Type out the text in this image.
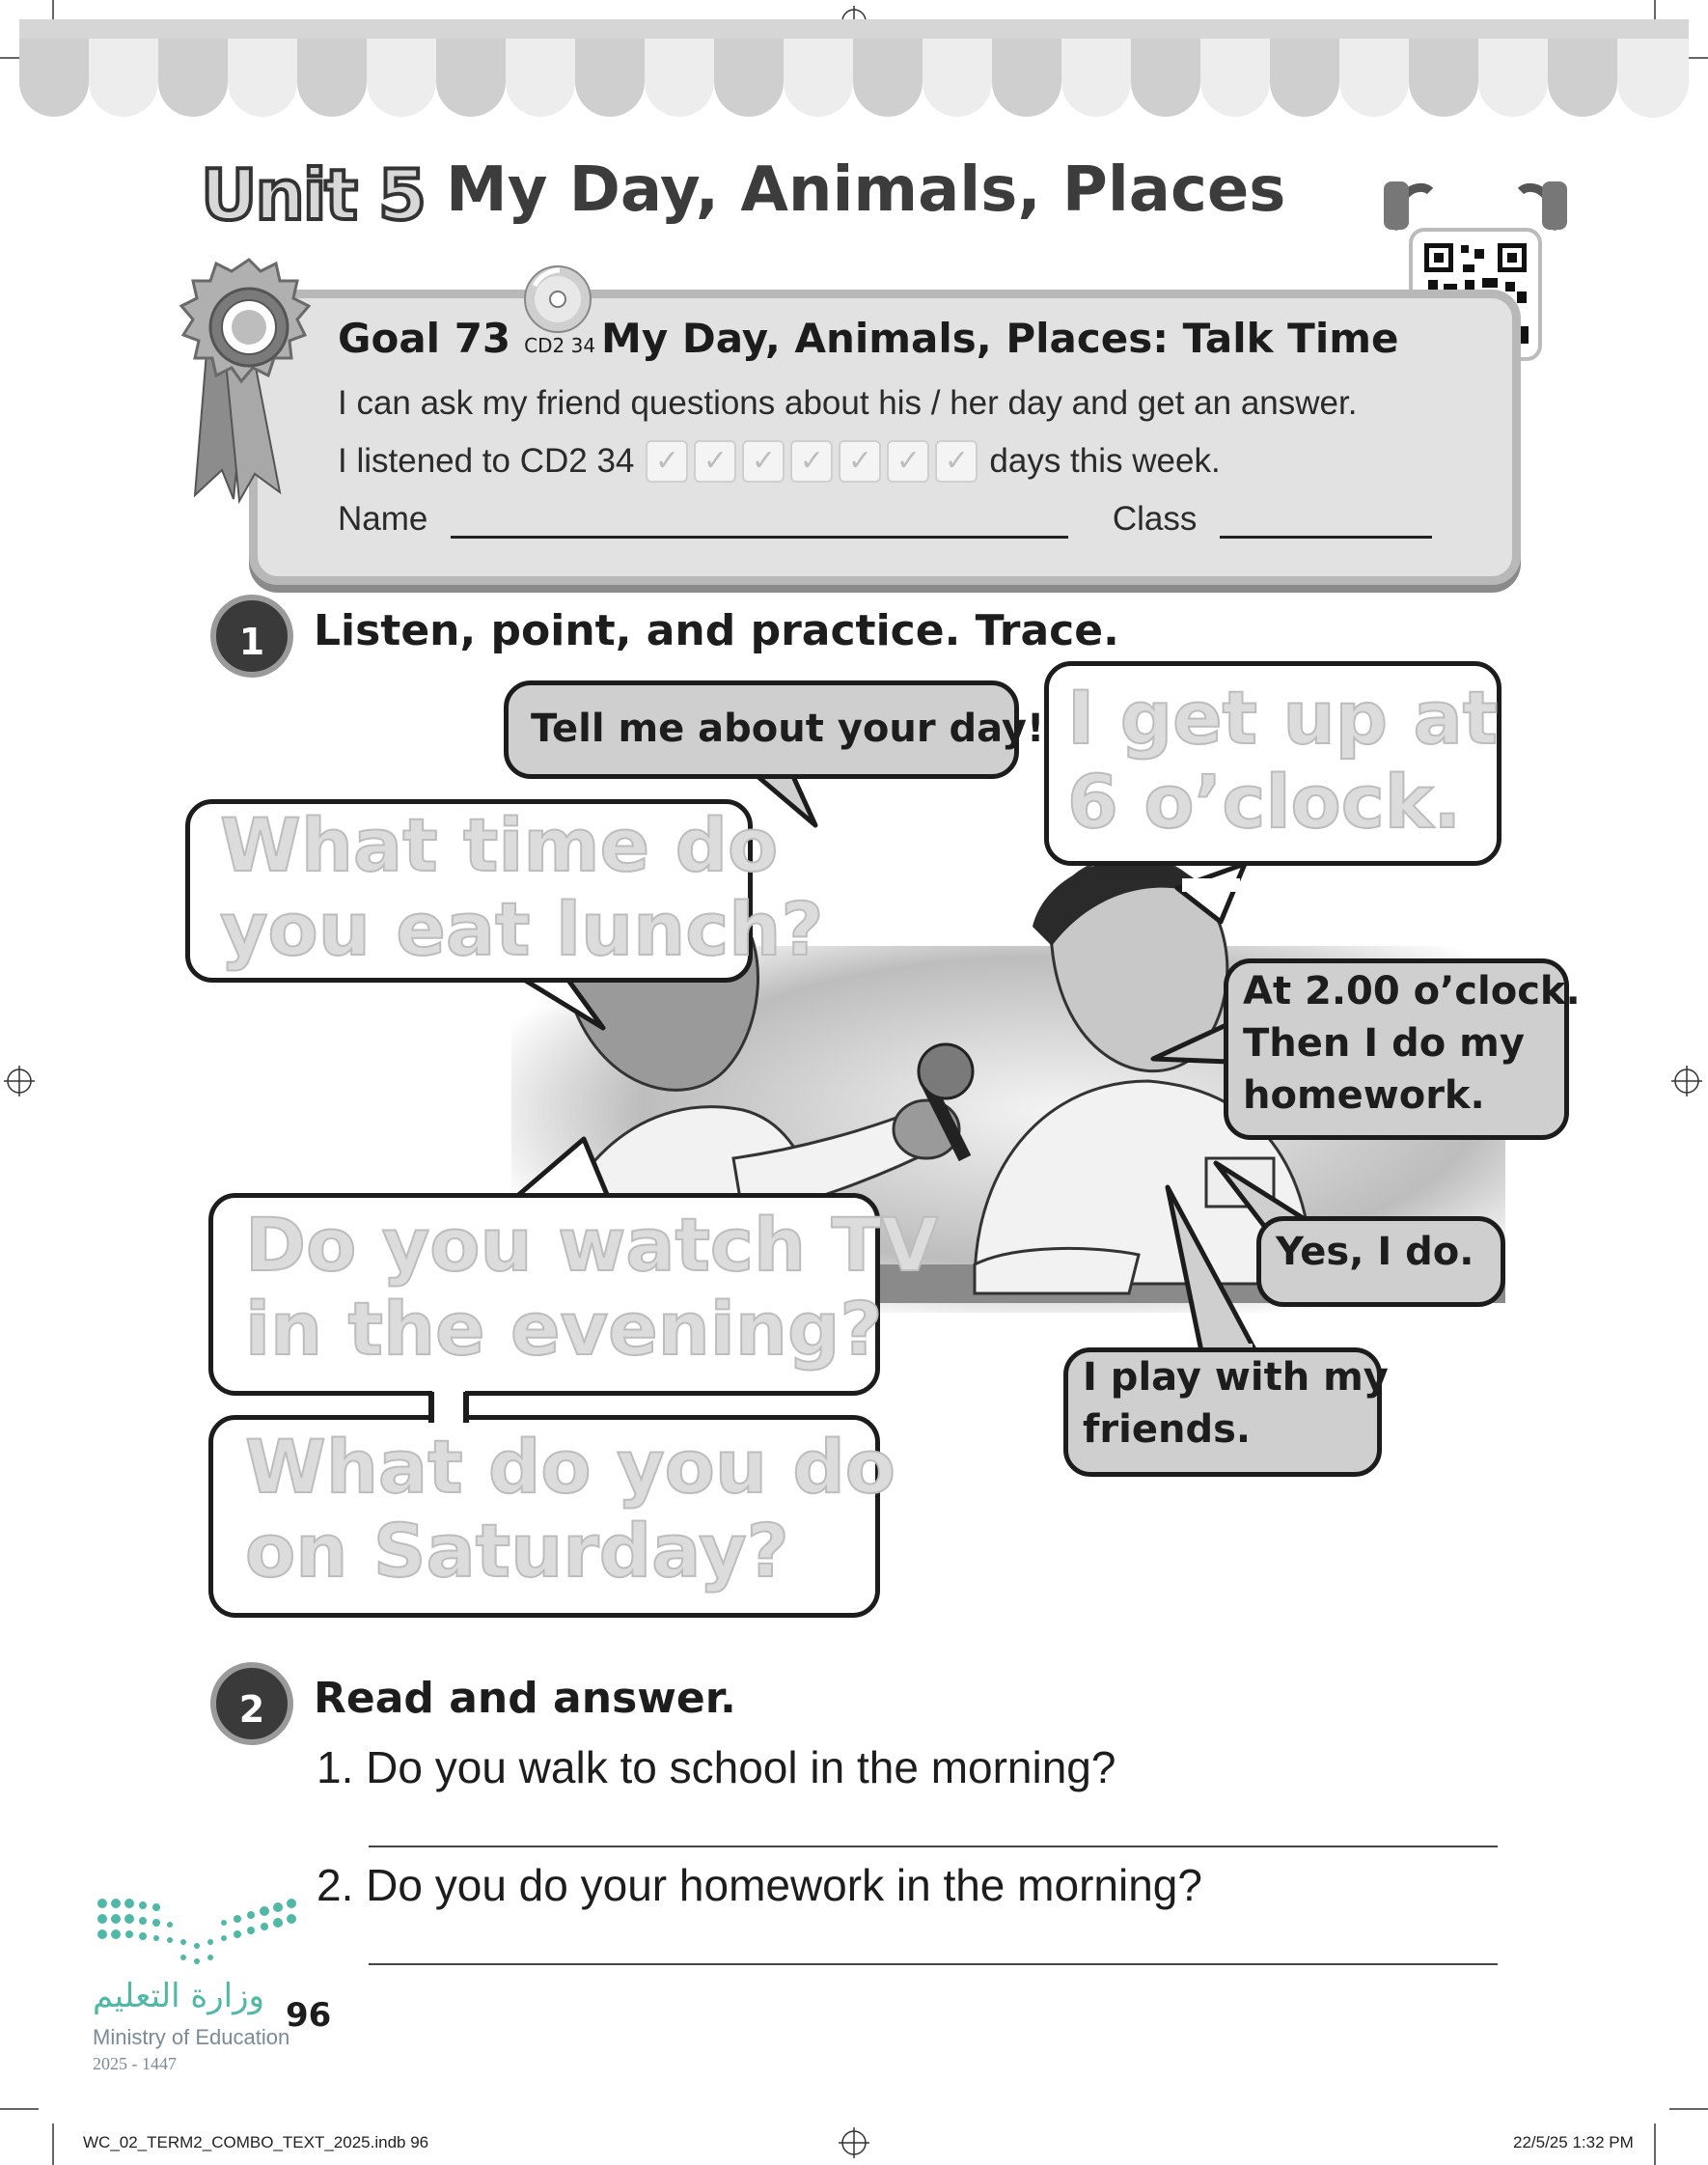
Unit 5 My Day, Animals, Places
Goal 73 CD2 34 My Day, Animals, Places: Talk Time
I can ask my friend questions about his / her day and get an answer.
I listened to CD2 34 ✓ ✓ ✓ ✓ ✓ ✓ ✓ days this week.
Name	Class
1	Listen, point, and practice. Trace.
Tell me about your day! I get up at
6 o’clock.
What time do
you eat lunch?
At 2.00 o’clock.
Then I do my
homework.
Do you watch TV
in the evening?
Yes, I do.
I play with my
friends.
What do you do
on Saturday?
2	Read and answer.
1. Do you walk to school in the morning?
2. Do you do your homework in the morning?
وزارة التعليم
Ministry of Education
2025 - 1447
96
WC_02_TERM2_COMBO_TEXT_2025.indb 96	22/5/25 1:32 PM
